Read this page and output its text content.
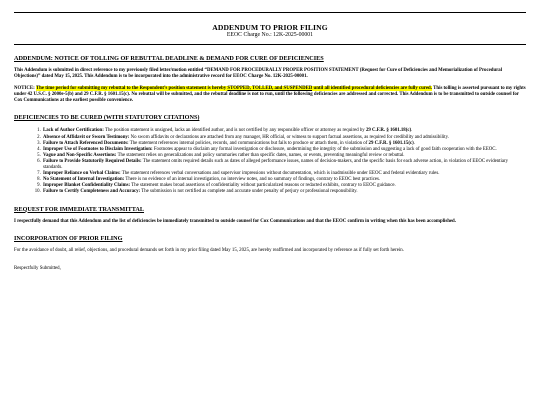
ADDENDUM TO PRIOR FILING
EEOC Charge No.: 12K-2025-00001

ADDENDUM: NOTICE OF TOLLING OF REBUTTAL DEADLINE & DEMAND FOR CURE OF DEFICIENCIES

This Addendum is submitted in direct reference to my previously filed letter/motion entitled “DEMAND FOR PROCEDURALLY PROPER POSITION STATEMENT (Request for Cure of Deficiencies and Memorialization of Procedural Objections)” dated May 15, 2025. This Addendum is to be incorporated into the administrative record for EEOC Charge No. 12K-2025-00001.

NOTICE: The time period for submitting my rebuttal to the Respondent’s position statement is hereby STOPPED, TOLLED, and SUSPENDED until all identified procedural deficiencies are fully cured. This tolling is asserted pursuant to my rights under 42 U.S.C. § 2000e-5(b) and 29 C.F.R. § 1601.15(c). No rebuttal will be submitted, and the rebuttal deadline is not to run, until the following deficiencies are addressed and corrected. This Addendum is to be transmitted to outside counsel for Cox Communications at the earliest possible convenience.

DEFICIENCIES TO BE CURED (WITH STATUTORY CITATIONS)

1. Lack of Author Certification: The position statement is unsigned, lacks an identified author, and is not certified by any responsible officer or attorney as required by 29 C.F.R. § 1601.18(c).
2. Absence of Affidavit or Sworn Testimony: No sworn affidavits or declarations are attached from any manager, HR official, or witness to support factual assertions, as required for credibility and admissibility.
3. Failure to Attach Referenced Documents: The statement references internal policies, records, and communications but fails to produce or attach them, in violation of 29 C.F.R. § 1601.15(c).
4. Improper Use of Footnotes to Disclaim Investigation: Footnotes appear to disclaim any formal investigation or disclosure, undermining the integrity of the submission and suggesting a lack of good faith cooperation with the EEOC.
5. Vague and Non-Specific Assertions: The statement relies on generalizations and policy summaries rather than specific dates, names, or events, preventing meaningful review or rebuttal.
6. Failure to Provide Statutorily Required Details: The statement omits required details such as dates of alleged performance issues, names of decision-makers, and the specific basis for each adverse action, in violation of EEOC evidentiary standards.
7. Improper Reliance on Verbal Claims: The statement references verbal conversations and supervisor impressions without documentation, which is inadmissible under EEOC and federal evidentiary rules.
8. No Statement of Internal Investigation: There is no evidence of an internal investigation, no interview notes, and no summary of findings, contrary to EEOC best practices.
9. Improper Blanket Confidentiality Claims: The statement makes broad assertions of confidentiality without particularized reasons or redacted exhibits, contrary to EEOC guidance.
10. Failure to Certify Completeness and Accuracy: The submission is not certified as complete and accurate under penalty of perjury or professional responsibility.

REQUEST FOR IMMEDIATE TRANSMITTAL

I respectfully demand that this Addendum and the list of deficiencies be immediately transmitted to outside counsel for Cox Communications and that the EEOC confirm in writing when this has been accomplished.

INCORPORATION OF PRIOR FILING

For the avoidance of doubt, all relief, objections, and procedural demands set forth in my prior filing dated May 15, 2025, are hereby reaffirmed and incorporated by reference as if fully set forth herein.

Respectfully Submitted,
